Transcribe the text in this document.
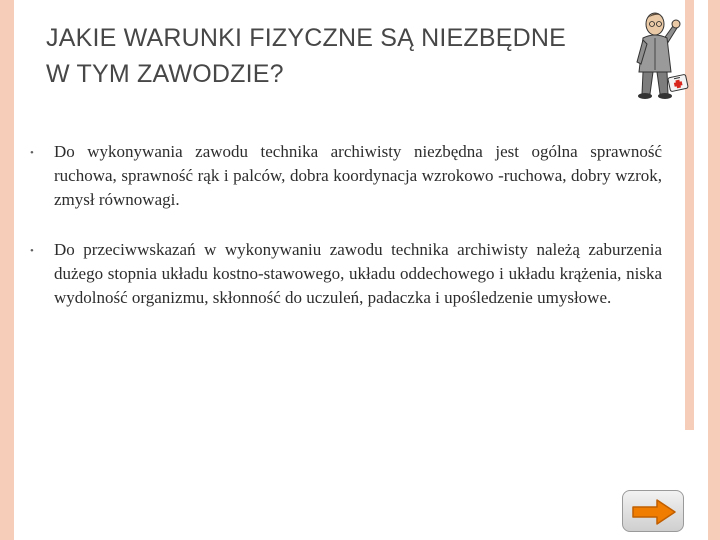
JAKIE WARUNKI FIZYCZNE SĄ NIEZBĘDNE
W TYM ZAWODZIE?
• Do wykonywania zawodu technika archiwisty niezbędna jest ogólna sprawność ruchowa, sprawność rąk i palców, dobra koordynacja wzrokowo -ruchowa, dobry wzrok, zmysł równowagi.
• Do przeciwwskazań w wykonywaniu zawodu technika archiwisty należą zaburzenia dużego stopnia układu kostno-stawowego, układu oddechowego i układu krążenia, niska wydolność organizmu, skłonność do uczuleń, padaczka i upośledzenie umysłowe.
